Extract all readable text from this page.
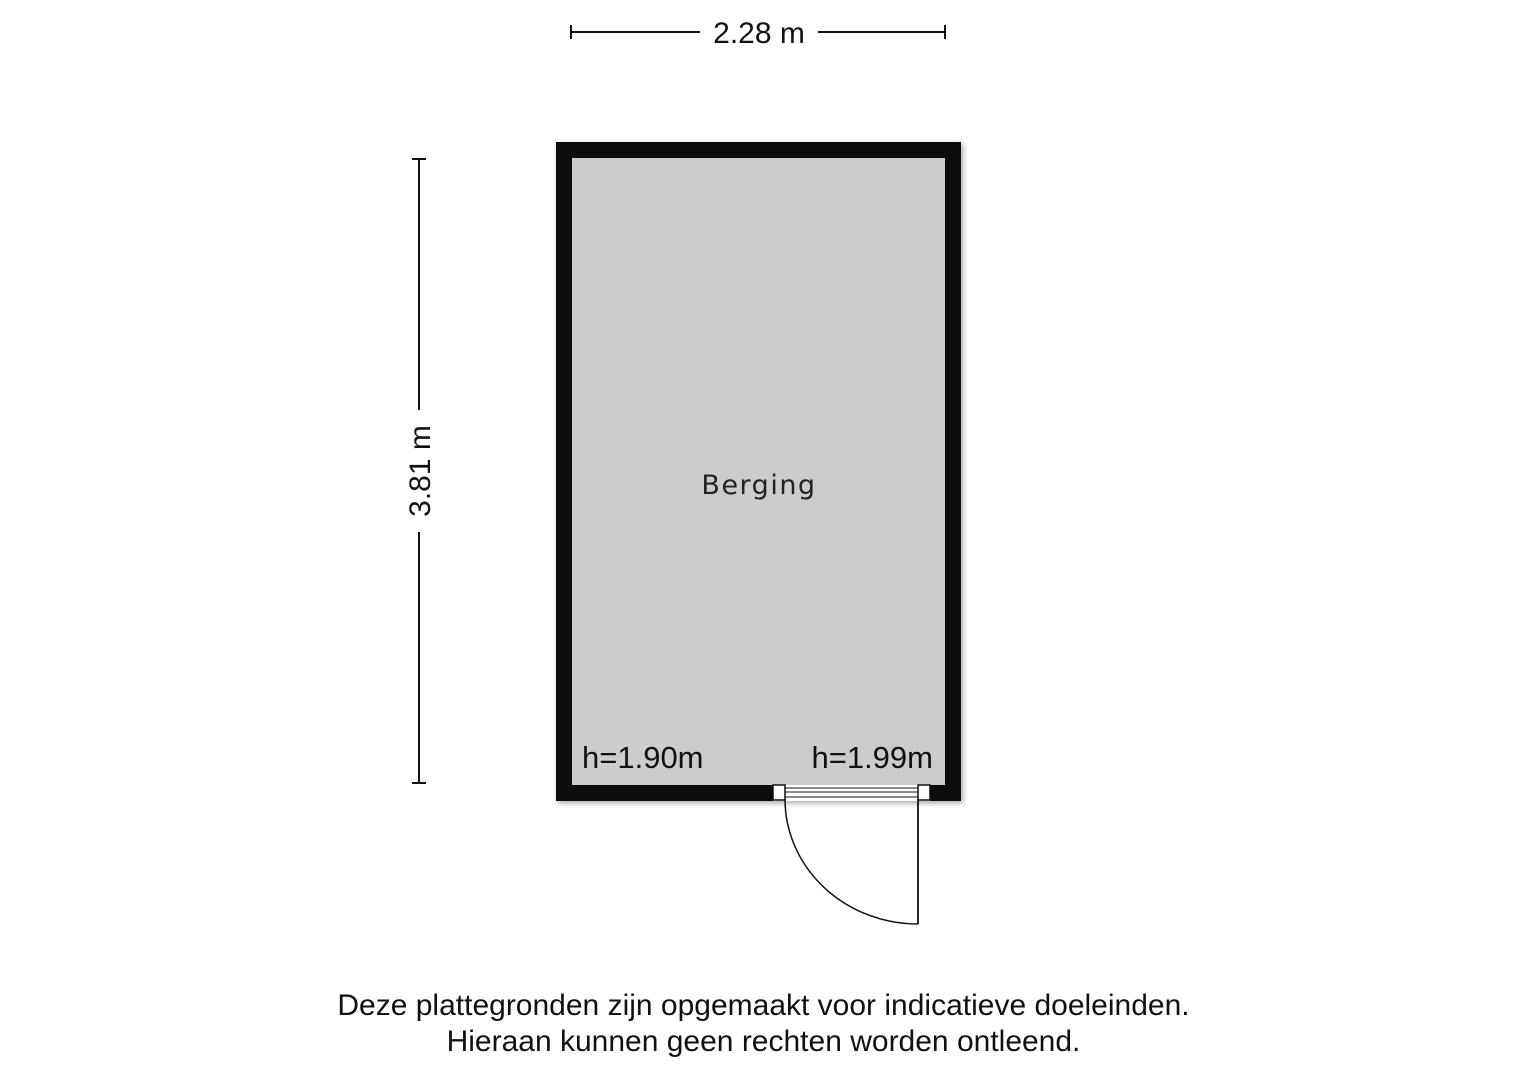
2.28 m
3.81 m	Berging
h=1.90m	h=1.99m
Deze plattegronden zijn opgemaakt voor indicatieve doeleinden.
Hieraan kunnen geen rechten worden ontleend.
